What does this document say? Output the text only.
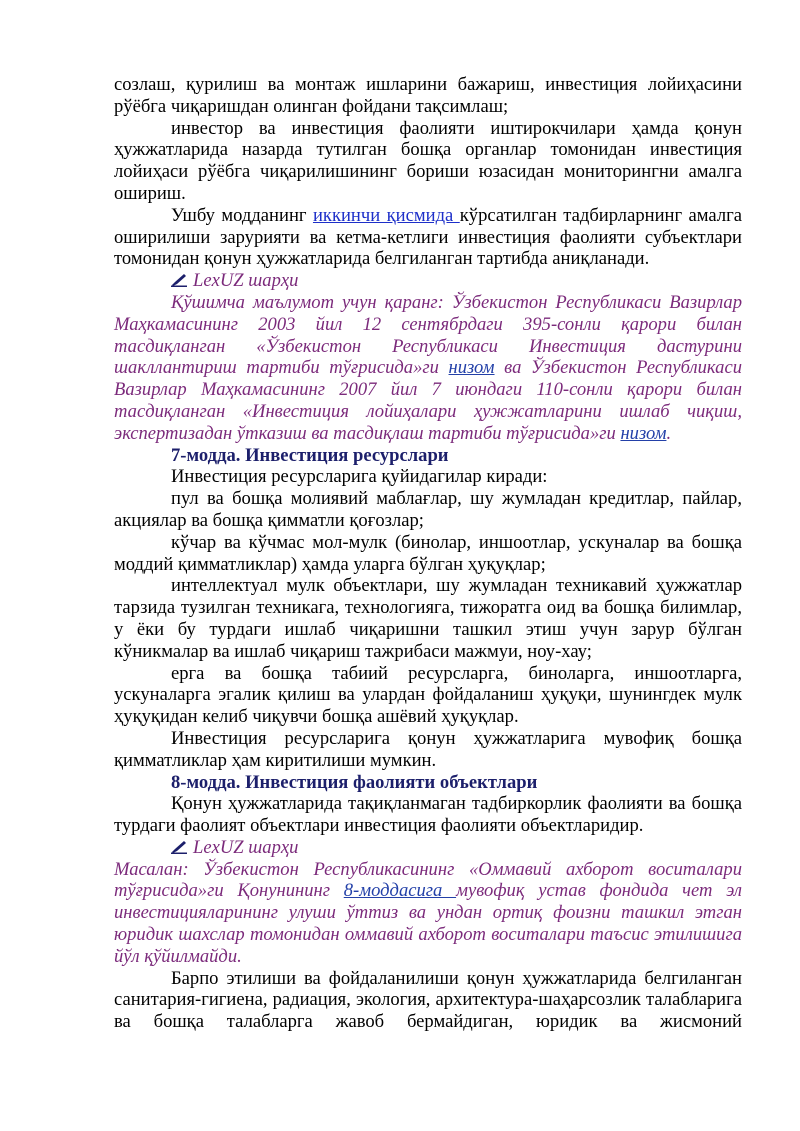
созлаш, қурилиш ва монтаж ишларини бажариш, инвестиция лойиҳасини рўёбга чиқаришдан олинган фойдани тақсимлаш;

инвестор ва инвестиция фаолияти иштирокчилари ҳамда қонун ҳужжатларида назарда тутилган бошқа органлар томонидан инвестиция лойиҳаси рўёбга чиқарилишининг бориши юзасидан мониторингни амалга ошириш.

Ушбу модданинг иккинчи қисмида кўрсатилган тадбирларнинг амалга оширилиши зарурияти ва кетма-кетлиги инвестиция фаолияти субъектлари томонидан қонун ҳужжатларида белгиланган тартибда аниқланади.

LexUZ шарҳи

Қўшимча маълумот учун қаранг: Ўзбекистон Республикаси Вазирлар Маҳкамасининг 2003 йил 12 сентябрдаги 395-сонли қарори билан тасдиқланган «Ўзбекистон Республикаси Инвестиция дастурини шакллантириш тартиби тўғрисида»ги низом ва Ўзбекистон Республикаси Вазирлар Маҳкамасининг 2007 йил 7 июндаги 110-сонли қарори билан тасдиқланган «Инвестиция лойиҳалари ҳужжатларини ишлаб чиқиш, экспертизадан ўтказиш ва тасдиқлаш тартиби тўғрисида»ги низом.

7-модда. Инвестиция ресурслари

Инвестиция ресурсларига қуйидагилар киради:

пул ва бошқа молиявий маблағлар, шу жумладан кредитлар, пайлар, акциялар ва бошқа қимматли қоғозлар;

кўчар ва кўчмас мол-мулк (бинолар, иншоотлар, ускуналар ва бошқа моддий қимматликлар) ҳамда уларга бўлган ҳуқуқлар;

интеллектуал мулк объектлари, шу жумладан техникавий ҳужжатлар тарзида тузилган техникага, технологияга, тижоратга оид ва бошқа билимлар, у ёки бу турдаги ишлаб чиқаришни ташкил этиш учун зарур бўлган кўникмалар ва ишлаб чиқариш тажрибаси мажмуи, ноу-хау;

ерга ва бошқа табиий ресурсларга, биноларга, иншоотларга, ускуналарга эгалик қилиш ва улардан фойдаланиш ҳуқуқи, шунингдек мулк ҳуқуқидан келиб чиқувчи бошқа ашёвий ҳуқуқлар.

Инвестиция ресурсларига қонун ҳужжатларига мувофиқ бошқа қимматликлар ҳам киритилиши мумкин.

8-модда. Инвестиция фаолияти объектлари

Қонун ҳужжатларида тақиқланмаган тадбиркорлик фаолияти ва бошқа турдаги фаолият объектлари инвестиция фаолияти объектларидир.

LexUZ шарҳи

Масалан: Ўзбекистон Республикасининг «Оммавий ахборот воситалари тўғрисида»ги Қонунининг 8-моддасига мувофиқ устав фондида чет эл инвестицияларининг улуши ўттиз ва ундан ортиқ фоизни ташкил этган юридик шахслар томонидан оммавий ахборот воситалари таъсис этилишига йўл қўйилмайди.

Барпо этилиши ва фойдаланилиши қонун ҳужжатларида белгиланган санитария-гигиена, радиация, экология, архитектура-шаҳарсозлик талабларига ва бошқа талабларга жавоб бермайдиган, юридик ва жисмоний
